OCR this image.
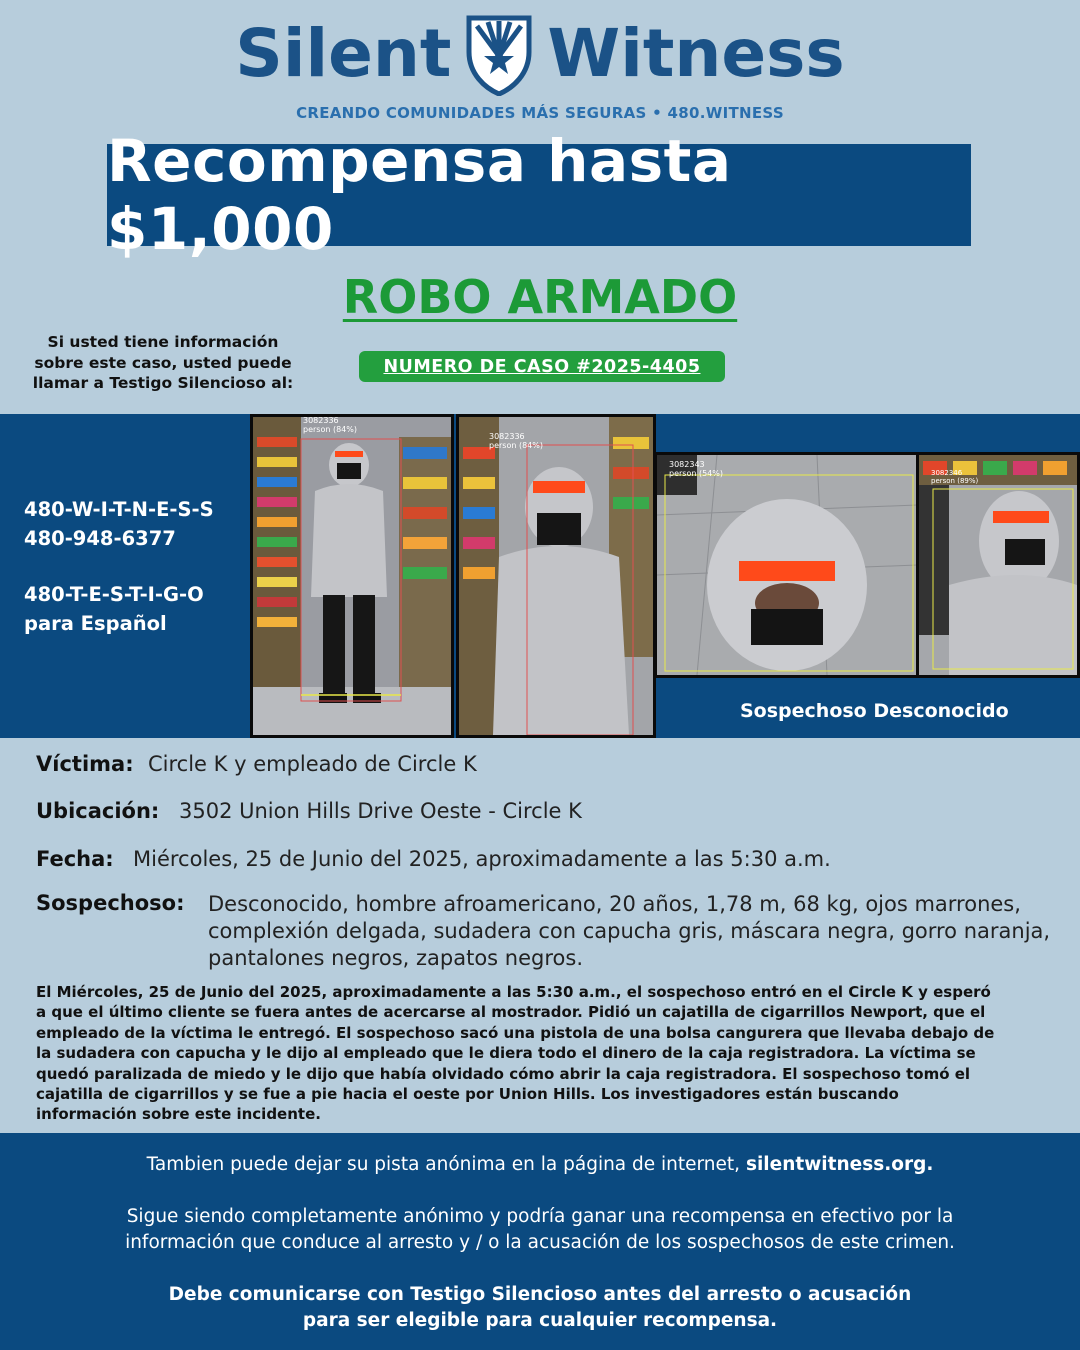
Silent Witness
CREANDO COMUNIDADES MÁS SEGURAS • 480.WITNESS
Recompensa hasta $1,000
ROBO ARMADO
Si usted tiene información sobre este caso, usted puede llamar a Testigo Silencioso al:
NUMERO DE CASO #2025-4405
480-W-I-T-N-E-S-S
480-948-6377
480-T-E-S-T-I-G-O
para Español
3082336
person (84%)
3082336
person (84%)
3082343
person (54%)	3082346
person (89%)
Sospechoso Desconocido
Víctima: Circle K y empleado de Circle K
Ubicación: 3502 Union Hills Drive Oeste - Circle K
Fecha: Miércoles, 25 de Junio del 2025, aproximadamente a las 5:30 a.m.
Sospechoso:	Desconocido, hombre afroamericano, 20 años, 1,78 m, 68 kg, ojos marrones,
complexión delgada, sudadera con capucha gris, máscara negra, gorro naranja,
pantalones negros, zapatos negros.
El Miércoles, 25 de Junio del 2025, aproximadamente a las 5:30 a.m., el sospechoso entró en el Circle K y esperó
a que el último cliente se fuera antes de acercarse al mostrador. Pidió un cajatilla de cigarrillos Newport, que el
empleado de la víctima le entregó. El sospechoso sacó una pistola de una bolsa cangurera que llevaba debajo de
la sudadera con capucha y le dijo al empleado que le diera todo el dinero de la caja registradora. La víctima se
quedó paralizada de miedo y le dijo que había olvidado cómo abrir la caja registradora. El sospechoso tomó el
cajatilla de cigarrillos y se fue a pie hacia el oeste por Union Hills. Los investigadores están buscando
información sobre este incidente.
Tambien puede dejar su pista anónima en la página de internet, silentwitness.org.
Sigue siendo completamente anónimo y podría ganar una recompensa en efectivo por la
información que conduce al arresto y / o la acusación de los sospechosos de este crimen.
Debe comunicarse con Testigo Silencioso antes del arresto o acusación
para ser elegible para cualquier recompensa.
